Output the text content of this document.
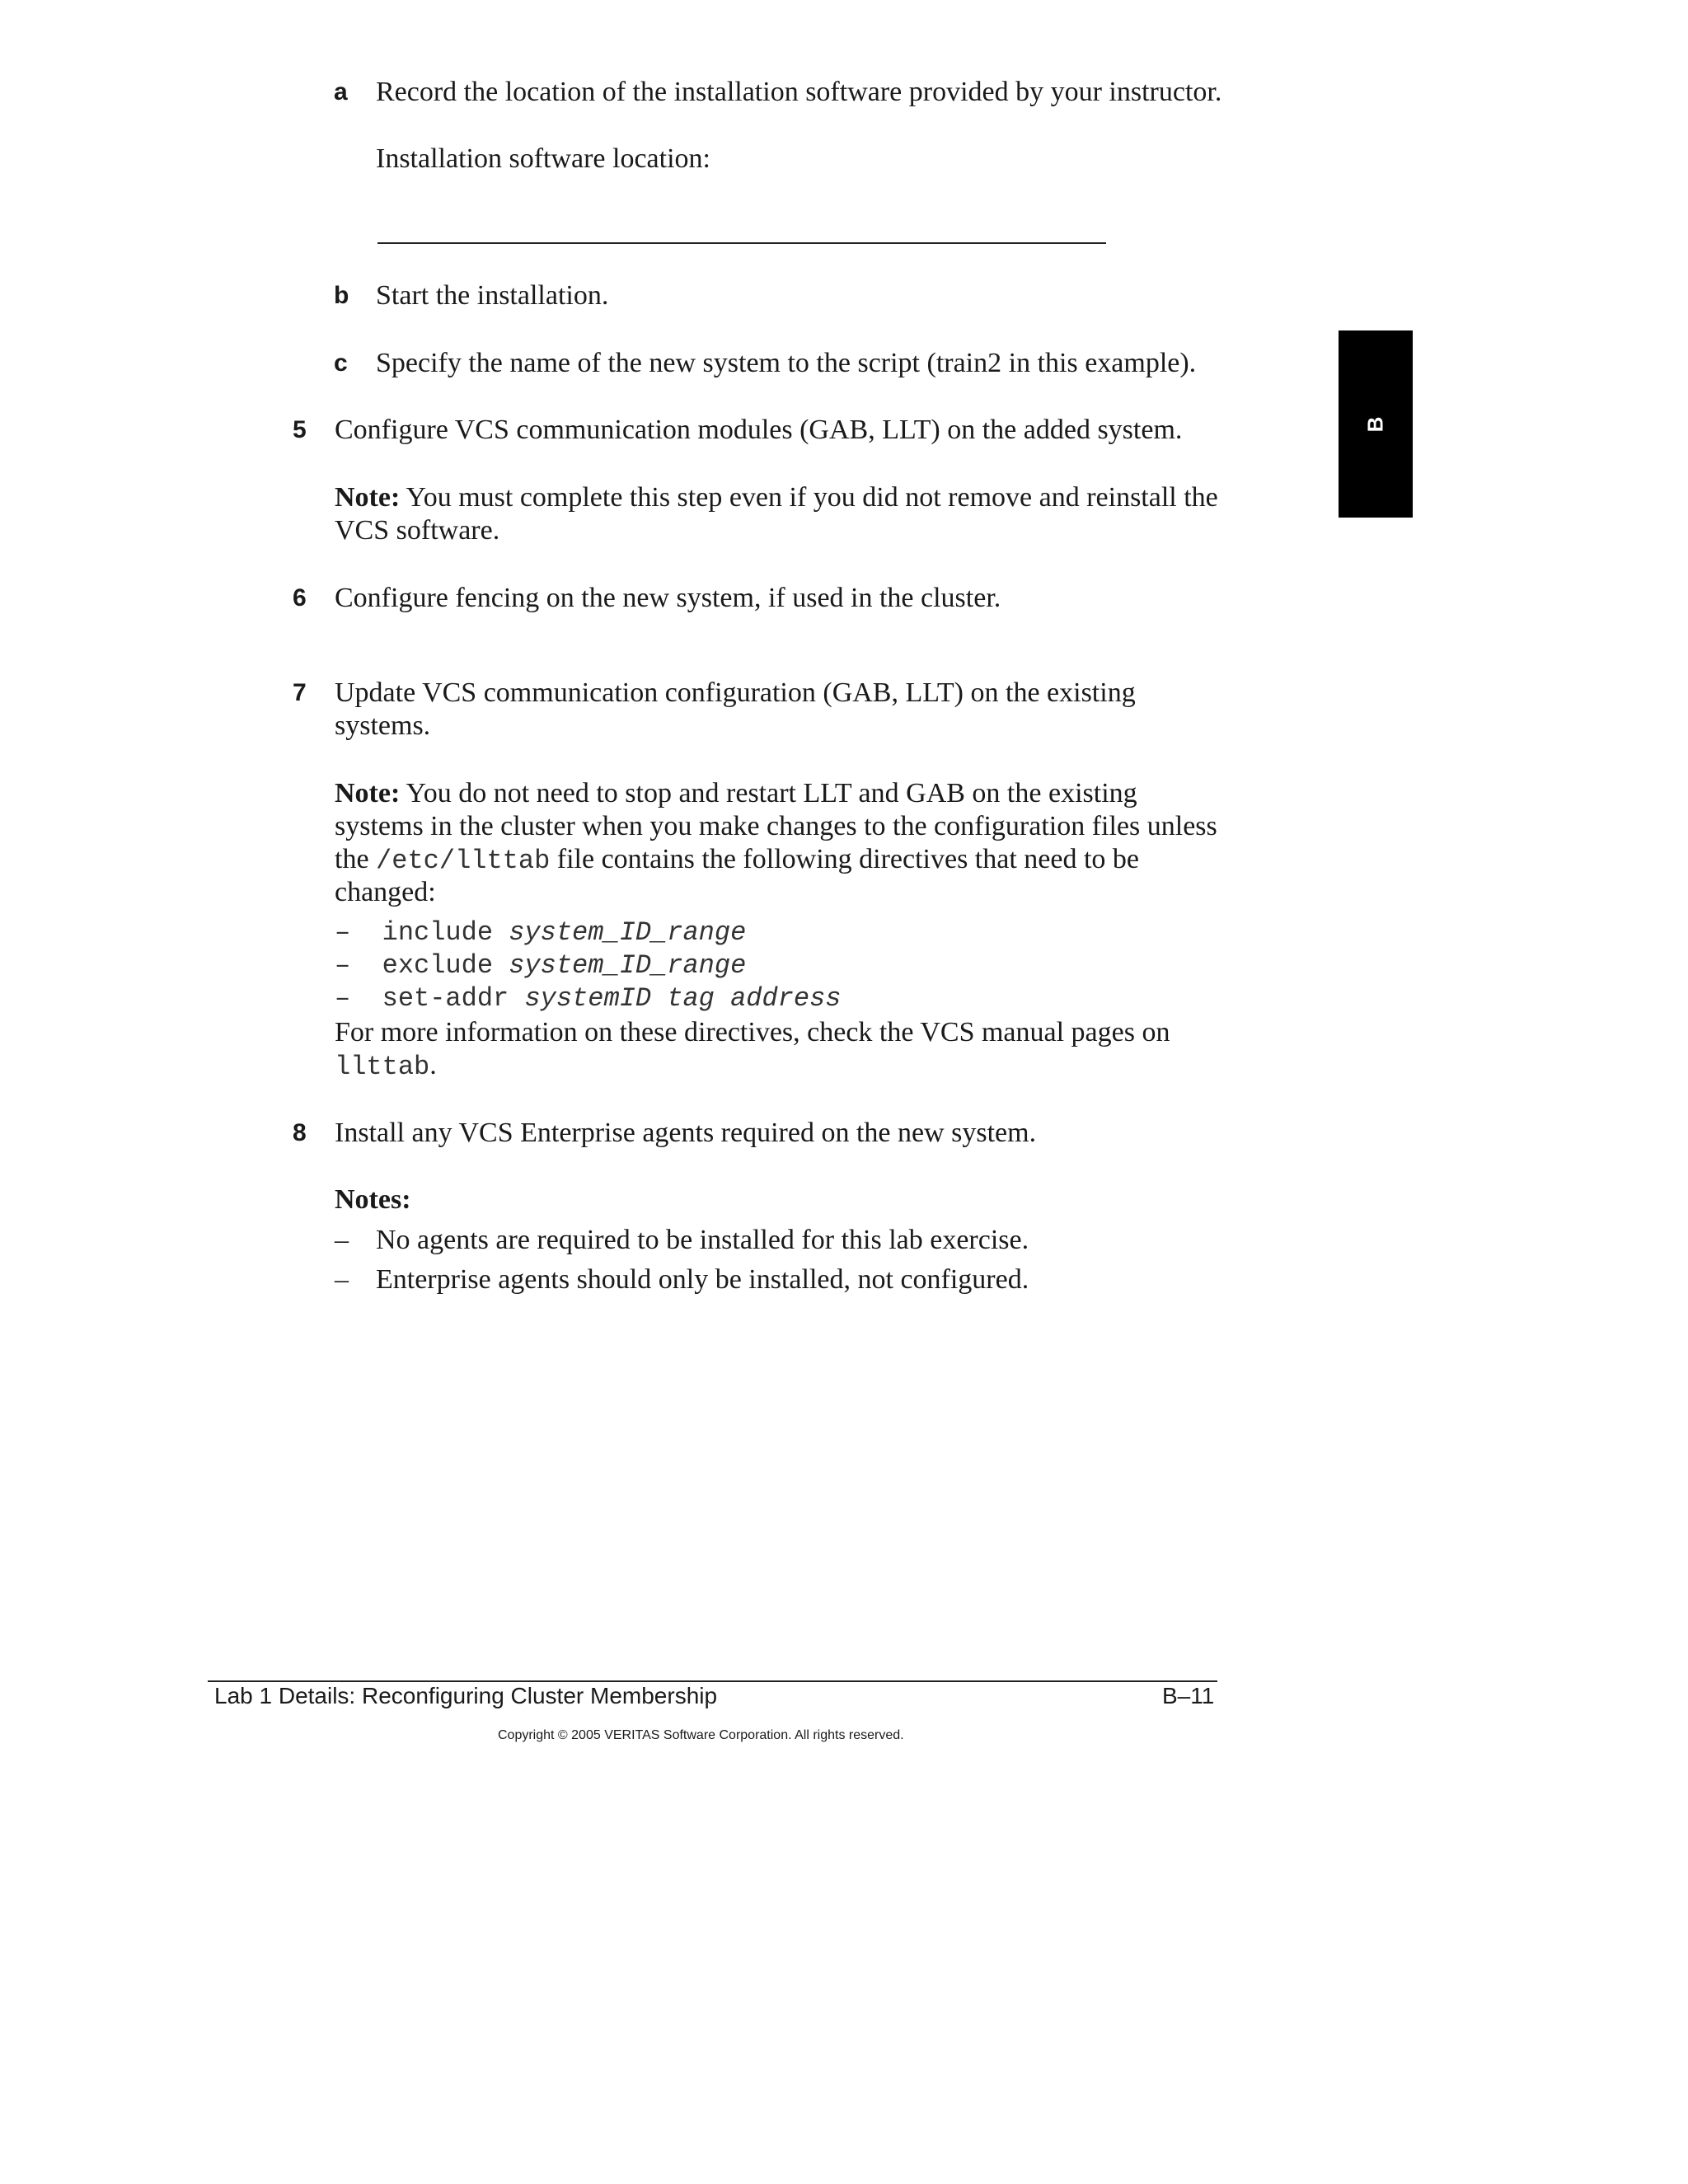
a Record the location of the installation software provided by your instructor.
Installation software location:
b Start the installation.
c Specify the name of the new system to the script (train2 in this example).
5 Configure VCS communication modules (GAB, LLT) on the added system.
Note: You must complete this step even if you did not remove and reinstall the
VCS software.
6 Configure fencing on the new system, if used in the cluster.
7 Update VCS communication configuration (GAB, LLT) on the existing
systems.
Note: You do not need to stop and restart LLT and GAB on the existing
systems in the cluster when you make changes to the configuration files unless
the /etc/llttab file contains the following directives that need to be
changed:
– include system_ID_range
– exclude system_ID_range
– set-addr systemID tag address
For more information on these directives, check the VCS manual pages on
llttab.
8 Install any VCS Enterprise agents required on the new system.
Notes:
– No agents are required to be installed for this lab exercise.
– Enterprise agents should only be installed, not configured.
B
Lab 1 Details: Reconfiguring Cluster Membership	B–11
Copyright © 2005 VERITAS Software Corporation. All rights reserved.
